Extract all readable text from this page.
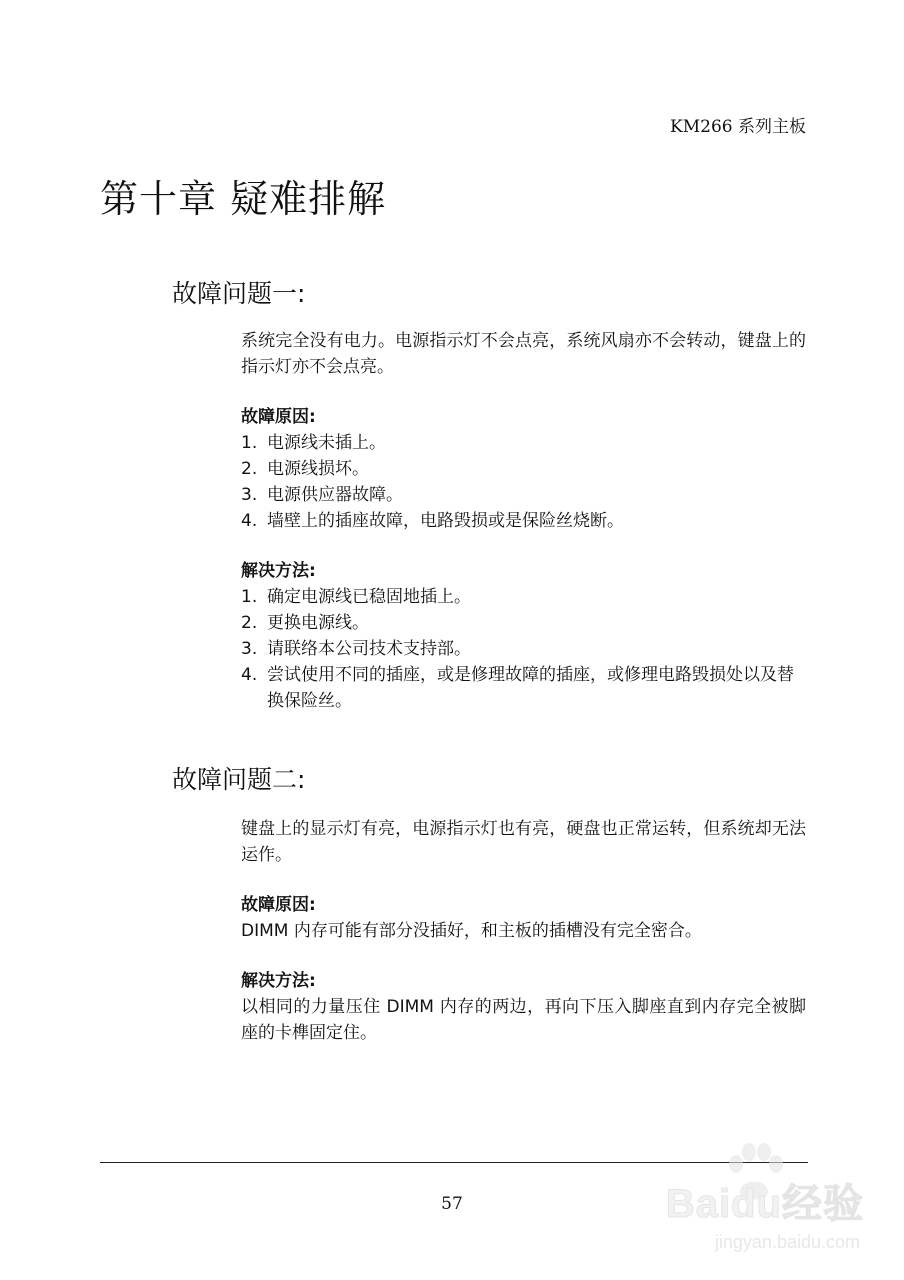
KM266 系列主板
第十章 疑难排解
故障问题一:

系统完全没有电力。电源指示灯不会点亮，系统风扇亦不会转动，键盘上的指示灯亦不会点亮。

故障原因:

1. 电源线未插上。
2. 电源线损坏。
3. 电源供应器故障。
4. 墙壁上的插座故障，电路毁损或是保险丝烧断。

解决方法:

1. 确定电源线已稳固地插上。
2. 更换电源线。
3. 请联络本公司技术支持部。
4. 尝试使用不同的插座，或是修理故障的插座，或修理电路毁损处以及替换保险丝。
故障问题二:

键盘上的显示灯有亮，电源指示灯也有亮，硬盘也正常运转，但系统却无法运作。

故障原因:

DIMM 内存可能有部分没插好，和主板的插槽没有完全密合。

解决方法:

以相同的力量压住 DIMM 内存的两边，再向下压入脚座直到内存完全被脚座的卡榫固定住。

57	Baidu经验
jingyan.baidu.com
